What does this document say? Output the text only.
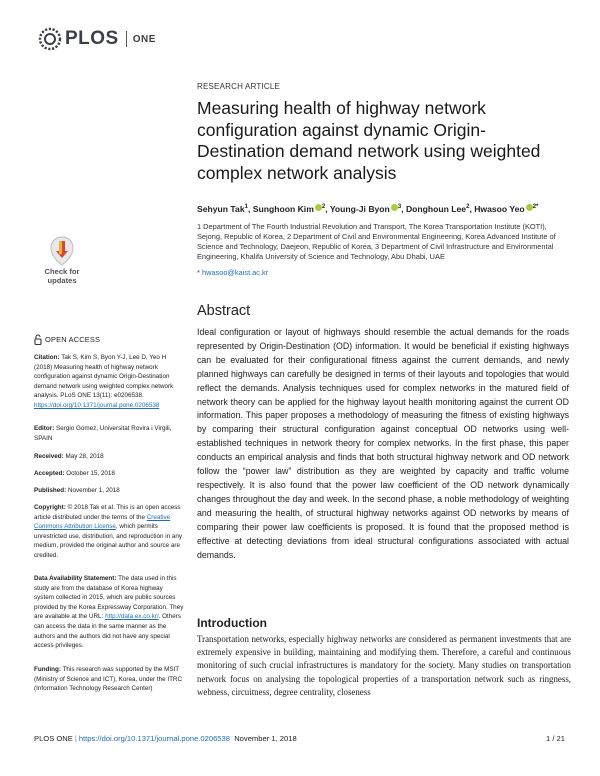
PLOS ONE
RESEARCH ARTICLE
Measuring health of highway network configuration against dynamic Origin-Destination demand network using weighted complex network analysis
Sehyun Tak$^1$, Sunghoon Kim $^2$, Young-Ji Byon $^3$, Donghoun Lee$^2$, Hwasoo Yeo $^{2*}$
1 Department of The Fourth Industrial Revolution and Transport, The Korea Transportation Institute (KOTI), Sejong, Republic of Korea, 2 Department of Civil and Environmental Engineering, Korea Advanced Institute of Science and Technology, Daejeon, Republic of Korea, 3 Department of Civil Infrastructure and Environmental Engineering, Khalifa University of Science and Technology, Abu Dhabi, UAE
* hwasoo@kaist.ac.kr
Abstract
Ideal configuration or layout of highways should resemble the actual demands for the roads represented by Origin-Destination (OD) information. It would be beneficial if existing highways can be evaluated for their configurational fitness against the current demands, and newly planned highways can carefully be designed in terms of their layouts and topologies that would reflect the demands. Analysis techniques used for complex networks in the matured field of network theory can be applied for the highway layout health monitoring against the current OD information. This paper proposes a methodology of measuring the fitness of existing highways by comparing their structural configuration against conceptual OD networks using well-established techniques in network theory for complex networks. In the first phase, this paper conducts an empirical analysis and finds that both structural highway network and OD network follow the “power law” distribution as they are weighted by capacity and traffic volume respectively. It is also found that the power law coefficient of the OD network dynamically changes throughout the day and week. In the second phase, a noble methodology of weighting and measuring the health, of structural highway networks against OD networks by means of comparing their power law coefficients is proposed. It is found that the proposed method is effective at detecting deviations from ideal structural configurations associated with actual demands.
Introduction
Transportation networks, especially highway networks are considered as permanent investments that are extremely expensive in building, maintaining and modifying them. Therefore, a careful and continuous monitoring of such crucial infrastructures is mandatory for the society. Many studies on transportation network focus on analysing the topological properties of a transportation network such as ringness, webness, circuitness, degree centrality, closeness
Check for
updates
OPEN ACCESS
Citation: Tak S, Kim S, Byon Y-J, Lee D, Yeo H (2018) Measuring health of highway network configuration against dynamic Origin-Destination demand network using weighted complex network analysis. PLoS ONE 13(11): e0206538. https://doi.org/10.1371/journal.pone.0206538
Editor: Sergio Gómez, Universitat Rovira i Virgili, SPAIN
Received: May 28, 2018
Accepted: October 15, 2018
Published: November 1, 2018
Copyright: © 2018 Tak et al. This is an open access article distributed under the terms of the Creative Commons Attribution License, which permits unrestricted use, distribution, and reproduction in any medium, provided the original author and source are credited.
Data Availability Statement: The data used in this study are from the database of Korea highway system collected in 2015, which are public sources provided by the Korea Expressway Corporation. They are available at the URL: http://data.ex.co.kr/. Others can access the data in the same manner as the authors and the authors did not have any special access privileges.
Funding: This research was supported by the MSIT (Ministry of Science and ICT), Korea, under the ITRC (Information Technology Research Center)
PLOS ONE | https://doi.org/10.1371/journal.pone.0206538 November 1, 2018	1 / 21
